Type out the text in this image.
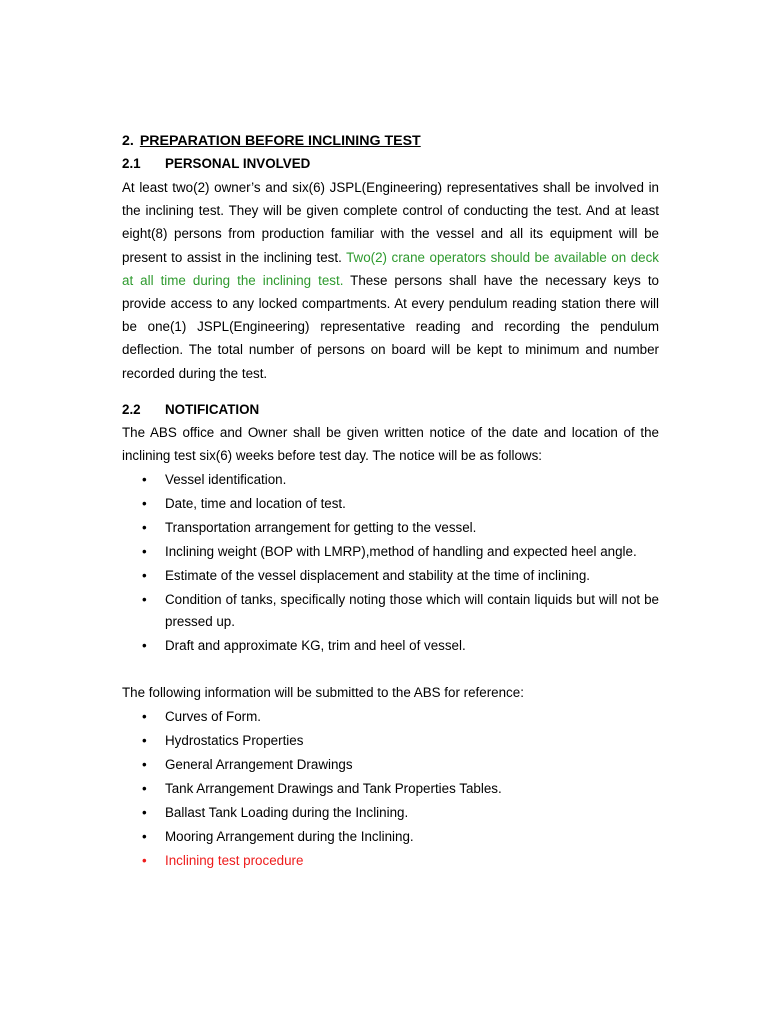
2. PREPARATION BEFORE INCLINING TEST
2.1 PERSONAL INVOLVED
At least two(2) owner’s and six(6) JSPL(Engineering) representatives shall be involved in the inclining test. They will be given complete control of conducting the test. And at least eight(8) persons from production familiar with the vessel and all its equipment will be present to assist in the inclining test. Two(2) crane operators should be available on deck at all time during the inclining test. These persons shall have the necessary keys to provide access to any locked compartments. At every pendulum reading station there will be one(1) JSPL(Engineering) representative reading and recording the pendulum deflection. The total number of persons on board will be kept to minimum and number recorded during the test.
2.2 NOTIFICATION
The ABS office and Owner shall be given written notice of the date and location of the inclining test six(6) weeks before test day. The notice will be as follows:
• Vessel identification.
• Date, time and location of test.
• Transportation arrangement for getting to the vessel.
• Inclining weight (BOP with LMRP),method of handling and expected heel angle.
• Estimate of the vessel displacement and stability at the time of inclining.
• Condition of tanks, specifically noting those which will contain liquids but will not be pressed up.
• Draft and approximate KG, trim and heel of vessel.
The following information will be submitted to the ABS for reference:
• Curves of Form.
• Hydrostatics Properties
• General Arrangement Drawings
• Tank Arrangement Drawings and Tank Properties Tables.
• Ballast Tank Loading during the Inclining.
• Mooring Arrangement during the Inclining.
• Inclining test procedure
